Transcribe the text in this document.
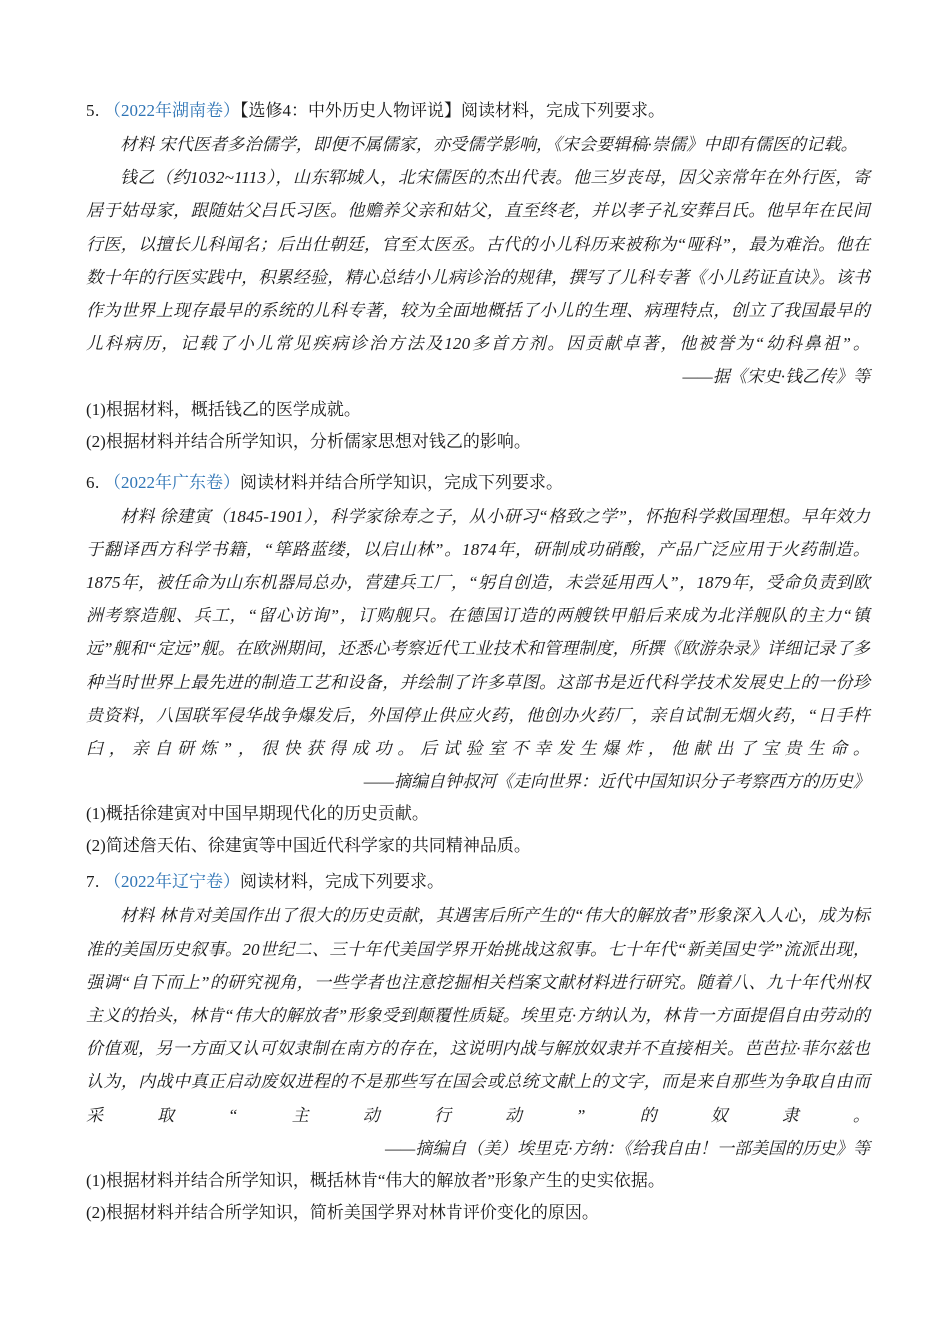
5. （2022年湖南卷）【选修4：中外历史人物评说】阅读材料，完成下列要求。

材料 宋代医者多治儒学，即便不属儒家，亦受儒学影响，《宋会要辑稿·崇儒》中即有儒医的记载。

钱乙（约1032~1113），山东郓城人，北宋儒医的杰出代表。他三岁丧母，因父亲常年在外行医，寄居于姑母家，跟随姑父吕氏习医。他赡养父亲和姑父，直至终老，并以孝子礼安葬吕氏。他早年在民间行医，以擅长儿科闻名；后出仕朝廷，官至太医丞。古代的小儿科历来被称为“哑科”，最为难治。他在数十年的行医实践中，积累经验，精心总结小儿病诊治的规律，撰写了儿科专著《小儿药证直诀》。该书作为世界上现存最早的系统的儿科专著，较为全面地概括了小儿的生理、病理特点，创立了我国最早的儿科病历，记载了小儿常见疾病诊治方法及120多首方剂。因贡献卓著，他被誉为“幼科鼻祖”。

——据《宋史·钱乙传》等

(1)根据材料，概括钱乙的医学成就。

(2)根据材料并结合所学知识，分析儒家思想对钱乙的影响。

6. （2022年广东卷）阅读材料并结合所学知识，完成下列要求。

材料 徐建寅（1845-1901），科学家徐寿之子，从小研习“格致之学”，怀抱科学救国理想。早年效力于翻译西方科学书籍，“筚路蓝缕，以启山林”。1874年，研制成功硝酸，产品广泛应用于火药制造。1875年，被任命为山东机器局总办，营建兵工厂，“躬自创造，未尝延用西人”，1879年，受命负责到欧洲考察造舰、兵工，“留心访询”，订购舰只。在德国订造的两艘铁甲船后来成为北洋舰队的主力“镇远”舰和“定远”舰。在欧洲期间，还悉心考察近代工业技术和管理制度，所撰《欧游杂录》详细记录了多种当时世界上最先进的制造工艺和设备，并绘制了许多草图。这部书是近代科学技术发展史上的一份珍贵资料，八国联军侵华战争爆发后，外国停止供应火药，他创办火药厂，亲自试制无烟火药，“日手杵臼，亲自研炼”，很快获得成功。后试验室不幸发生爆炸，他献出了宝贵生命。

——摘编自钟叔河《走向世界：近代中国知识分子考察西方的历史》

(1)概括徐建寅对中国早期现代化的历史贡献。

(2)简述詹天佑、徐建寅等中国近代科学家的共同精神品质。

7. （2022年辽宁卷）阅读材料，完成下列要求。

材料 林肯对美国作出了很大的历史贡献，其遇害后所产生的“伟大的解放者”形象深入人心，成为标准的美国历史叙事。20世纪二、三十年代美国学界开始挑战这叙事。七十年代“新美国史学”流派出现，强调“自下而上”的研究视角，一些学者也注意挖掘相关档案文献材料进行研究。随着八、九十年代州权主义的抬头，林肯“伟大的解放者”形象受到颠覆性质疑。埃里克·方纳认为，林肯一方面提倡自由劳动的价值观，另一方面又认可奴隶制在南方的存在，这说明内战与解放奴隶并不直接相关。芭芭拉·菲尔兹也认为，内战中真正启动废奴进程的不是那些写在国会或总统文献上的文字，而是来自那些为争取自由而采取“主动行动”的奴隶。

——摘编自（美）埃里克·方纳：《给我自由！一部美国的历史》等

(1)根据材料并结合所学知识，概括林肯“伟大的解放者”形象产生的史实依据。

(2)根据材料并结合所学知识，简析美国学界对林肯评价变化的原因。
